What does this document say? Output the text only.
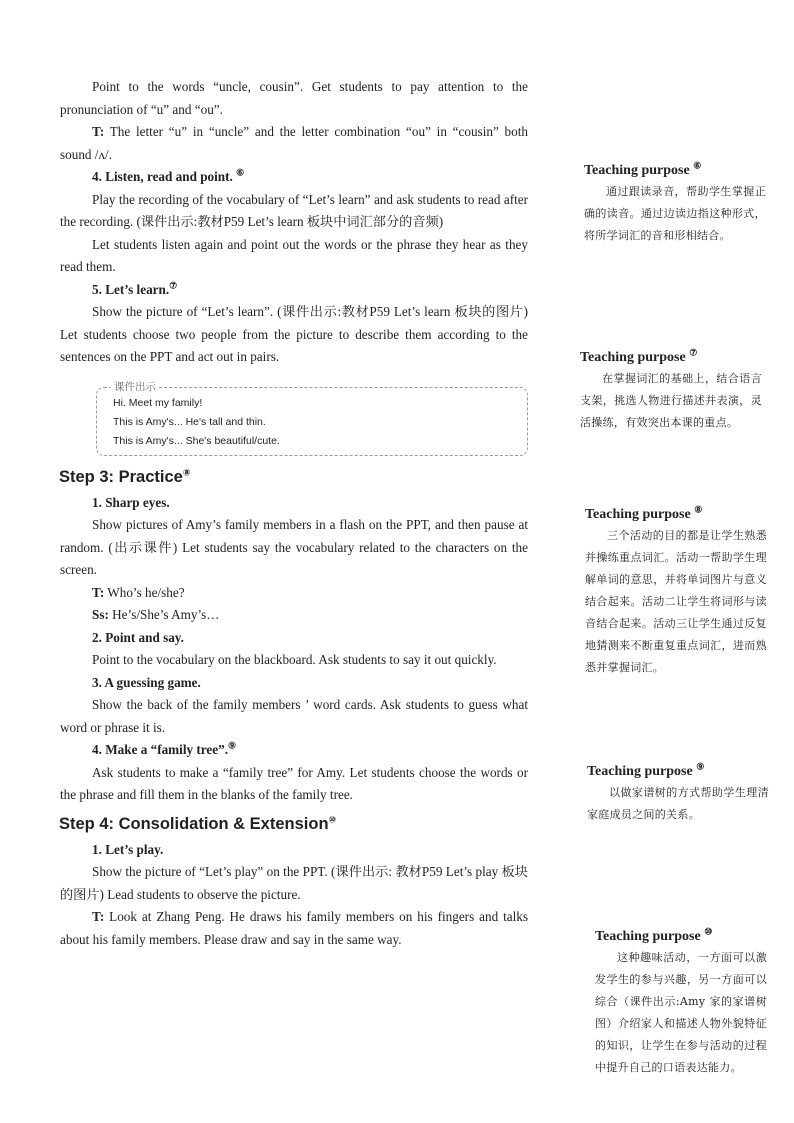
Point to the words “uncle, cousin”. Get students to pay attention to the pronunciation of “u” and “ou”.

T: The letter “u” in “uncle” and the letter combination “ou” in “cousin” both sound /ʌ/.

4. Listen, read and point. ⑥

Play the recording of the vocabulary of “Let’s learn” and ask students to read after the recording. (课件出示:教材P59 Let’s learn 板块中词汇部分的音频)

Let students listen again and point out the words or the phrase they hear as they read them.

5. Let’s learn.⑦

Show the picture of “Let’s learn”. (课件出示:教材P59 Let’s learn 板块的图片) Let students choose two people from the picture to describe them according to the sentences on the PPT and act out in pairs.

课件出示
Hi. Meet my family!
This is Amy's... He's tall and thin.
This is Amy's... She's beautiful/cute.
Step 3: Practice⑧

1. Sharp eyes.

Show pictures of Amy’s family members in a flash on the PPT, and then pause at random. (出示课件) Let students say the vocabulary related to the characters on the screen.

T: Who’s he/she?

Ss: He’s/She’s Amy’s…

2. Point and say.

Point to the vocabulary on the blackboard. Ask students to say it out quickly.

3. A guessing game.

Show the back of the family members ’ word cards. Ask students to guess what word or phrase it is.

4. Make a “family tree”.⑨

Ask students to make a “family tree” for Amy. Let students choose the words or the phrase and fill them in the blanks of the family tree.

Step 4: Consolidation & Extension⑩

1. Let’s play.

Show the picture of “Let’s play” on the PPT. (课件出示: 教材P59 Let’s play 板块的图片) Lead students to observe the picture.

T: Look at Zhang Peng. He draws his family members on his fingers and talks about his family members. Please draw and say in the same way.

Teaching purpose ⑥

通过跟读录音，帮助学生掌握正确的读音。通过边读边指这种形式，将所学词汇的音和形相结合。

Teaching purpose ⑦

在掌握词汇的基础上，结合语言支架，挑选人物进行描述并表演，灵活操练，有效突出本课的重点。

Teaching purpose ⑧

三个活动的目的都是让学生熟悉并操练重点词汇。活动一帮助学生理解单词的意思，并将单词图片与意义结合起来。活动二让学生将词形与读音结合起来。活动三让学生通过反复地猜测来不断重复重点词汇，进而熟悉并掌握词汇。

Teaching purpose ⑨

以做家谱树的方式帮助学生理清家庭成员之间的关系。

Teaching purpose ⑩

这种趣味活动，一方面可以激发学生的参与兴趣，另一方面可以综合（课件出示:Amy 家的家谱树图）介绍家人和描述人物外貌特征的知识，让学生在参与活动的过程中提升自己的口语表达能力。
